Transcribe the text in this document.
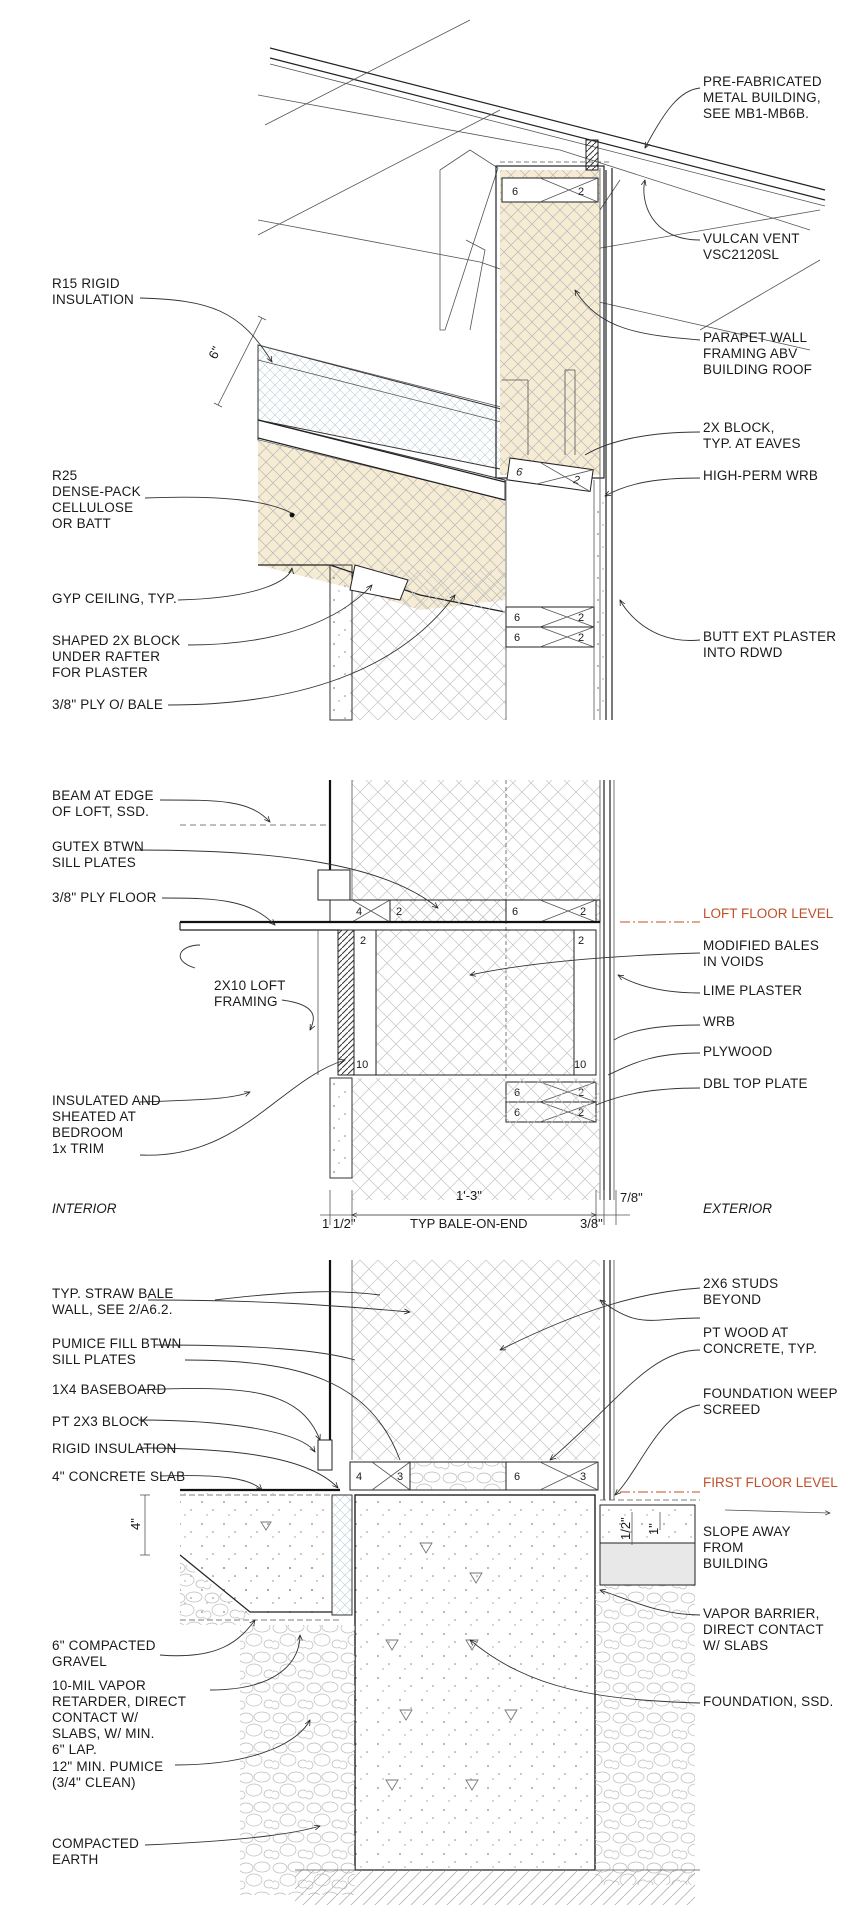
6	2
6
2
6	2
6	2
6"
4	2	6	2
2
10
2
10
4	3	6	3
4"
R15 RIGID INSULATION
R25 DENSE-PACK CELLULOSE OR BATT
GYP CEILING, TYP.
SHAPED 2X BLOCK UNDER RAFTER FOR PLASTER
3/8" PLY O/ BALE
BEAM AT EDGE OF LOFT, SSD.
GUTEX BTWN SILL PLATES
3/8" PLY FLOOR
2X10 LOFT FRAMING
INSULATED AND SHEATED AT BEDROOM 1x TRIM
TYP. STRAW BALE WALL, SEE 2/A6.2.
PUMICE FILL BTWN SILL PLATES
1X4 BASEBOARD
PT 2X3 BLOCK
RIGID INSULATION
4" CONCRETE SLAB
6" COMPACTED GRAVEL
10-MIL VAPOR RETARDER, DIRECT CONTACT W/ SLABS, W/ MIN. 6" LAP.
12" MIN. PUMICE (3/4" CLEAN)
COMPACTED EARTH
PRE-FABRICATED METAL BUILDING, SEE MB1-MB6B.
VULCAN VENT VSC2120SL
PARAPET WALL FRAMING ABV BUILDING ROOF
2X BLOCK, TYP. AT EAVES
HIGH-PERM WRB
BUTT EXT PLASTER INTO RDWD
LOFT FLOOR LEVEL
MODIFIED BALES IN VOIDS
LIME PLASTER
WRB
PLYWOOD
DBL TOP PLATE
2X6 STUDS BEYOND
PT WOOD AT CONCRETE, TYP.
FOUNDATION WEEP SCREED
FIRST FLOOR LEVEL
SLOPE AWAY FROM BUILDING
VAPOR BARRIER, DIRECT CONTACT W/ SLABS
FOUNDATION, SSD.
INTERIOR	EXTERIOR
1'-3"
TYP BALE-ON-END
1 1/2"	3/8"
7/8"
1/2" 1"
